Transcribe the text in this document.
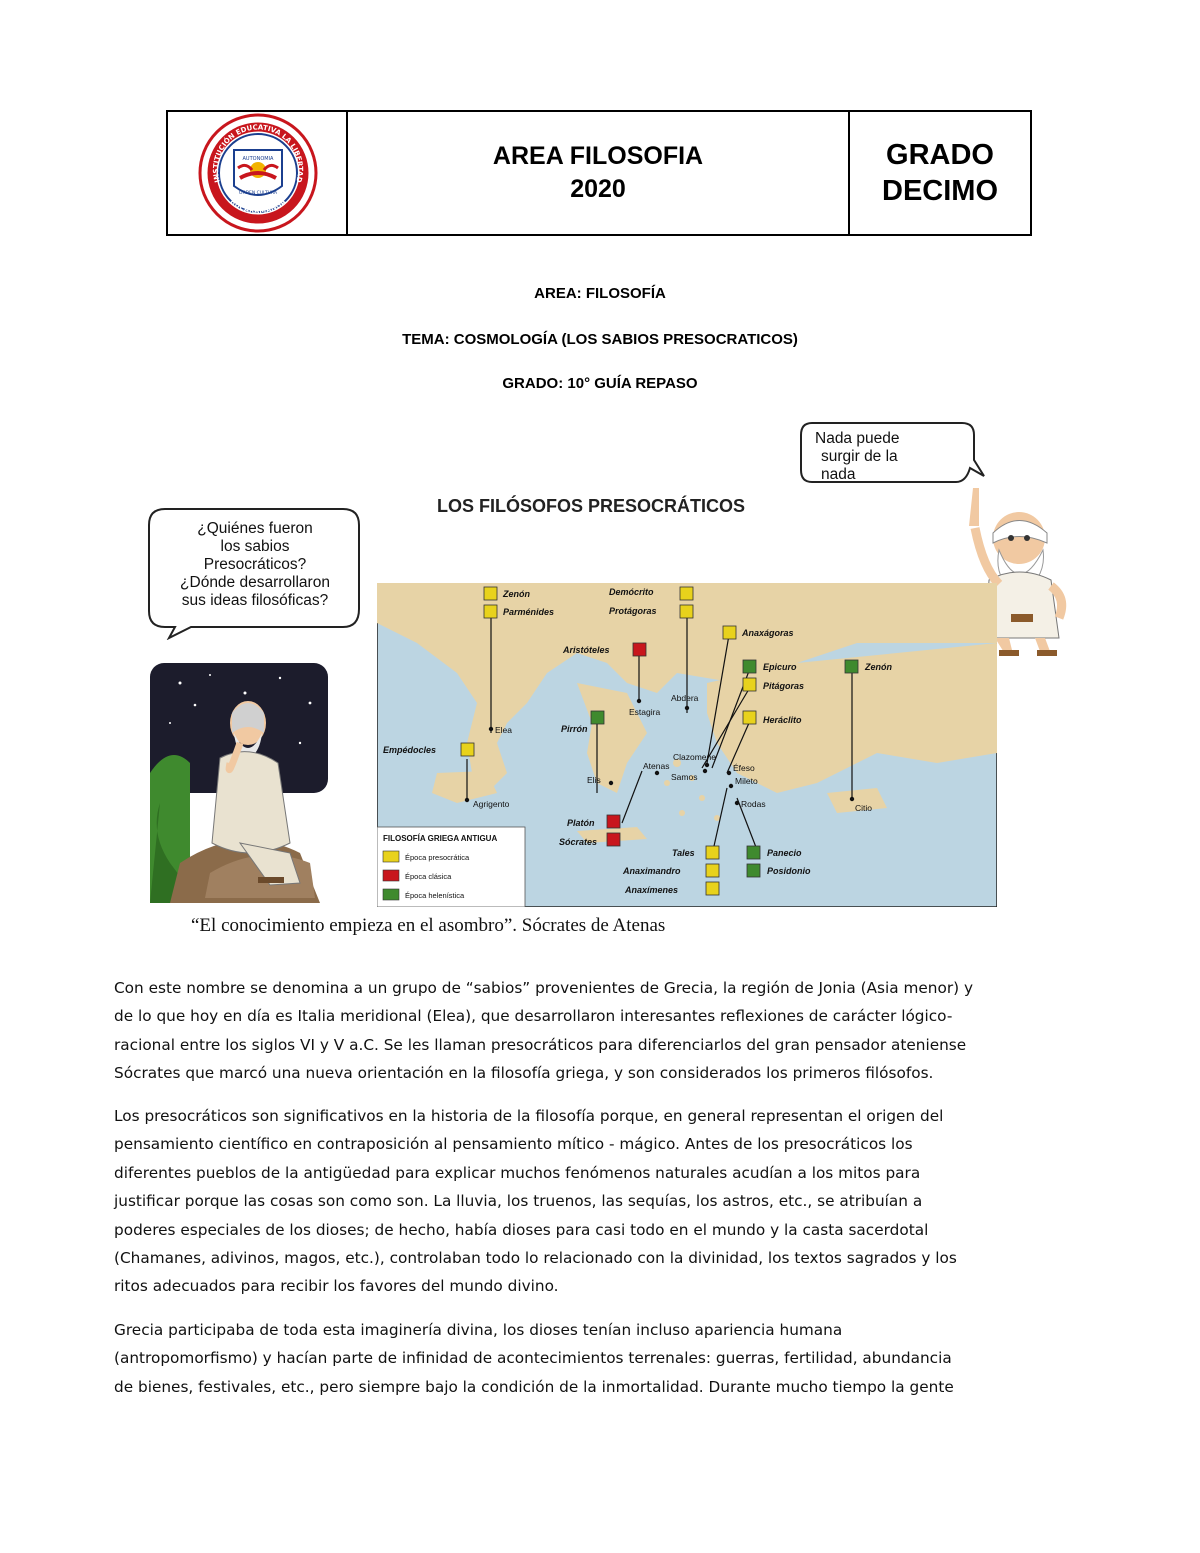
AUTONOMIA
ORDEN CULTURA
INSTITUCIÓN EDUCATIVA LA LIBERTAD
BUCARAMANGA
AREA FILOSOFIA
2020
GRADO
DECIMO
AREA: FILOSOFÍA
TEMA: COSMOLOGÍA (LOS SABIOS PRESOCRATICOS)
GRADO: 10° GUÍA REPASO
¿Quiénes fueron
los sabios
Presocráticos?
¿Dónde desarrollaron
sus ideas filosóficas?
Nada puede
surgir de la
nada
LOS FILÓSOFOS PRESOCRÁTICOS
Zenón
Parménides
Demócrito
Protágoras
Anaxágoras
Aristóteles
Epicuro
Pitágoras
Zenón
Pirrón
Heráclito
Empédocles
Platón
Sócrates
Tales
Anaximandro
Anaxímenes
Panecio
Posidonio
Elea
Abdera
Estagira
Clazomene
Atenas
Samos
Éfeso
Mileto
Elis
Rodas
Agrigento	Citio
FILOSOFÍA GRIEGA ANTIGUA
Época presocrática
Época clásica
Época helenística
“El conocimiento empieza en el asombro”. Sócrates de Atenas
Con este nombre se denomina a un grupo de “sabios” provenientes de Grecia, la región de Jonia (Asia menor) y
de lo que hoy en día es Italia meridional (Elea), que desarrollaron interesantes reflexiones de carácter lógico-
racional entre los siglos VI y V a.C. Se les llaman presocráticos para diferenciarlos del gran pensador ateniense
Sócrates que marcó una nueva orientación en la filosofía griega, y son considerados los primeros filósofos.
Los presocráticos son significativos en la historia de la filosofía porque, en general representan el origen del
pensamiento científico en contraposición al pensamiento mítico - mágico. Antes de los presocráticos los
diferentes pueblos de la antigüedad para explicar muchos fenómenos naturales acudían a los mitos para
justificar porque las cosas son como son. La lluvia, los truenos, las sequías, los astros, etc., se atribuían a
poderes especiales de los dioses; de hecho, había dioses para casi todo en el mundo y la casta sacerdotal
(Chamanes, adivinos, magos, etc.), controlaban todo lo relacionado con la divinidad, los textos sagrados y los
ritos adecuados para recibir los favores del mundo divino.
Grecia participaba de toda esta imaginería divina, los dioses tenían incluso apariencia humana
(antropomorfismo) y hacían parte de infinidad de acontecimientos terrenales: guerras, fertilidad, abundancia
de bienes, festivales, etc., pero siempre bajo la condición de la inmortalidad. Durante mucho tiempo la gente
